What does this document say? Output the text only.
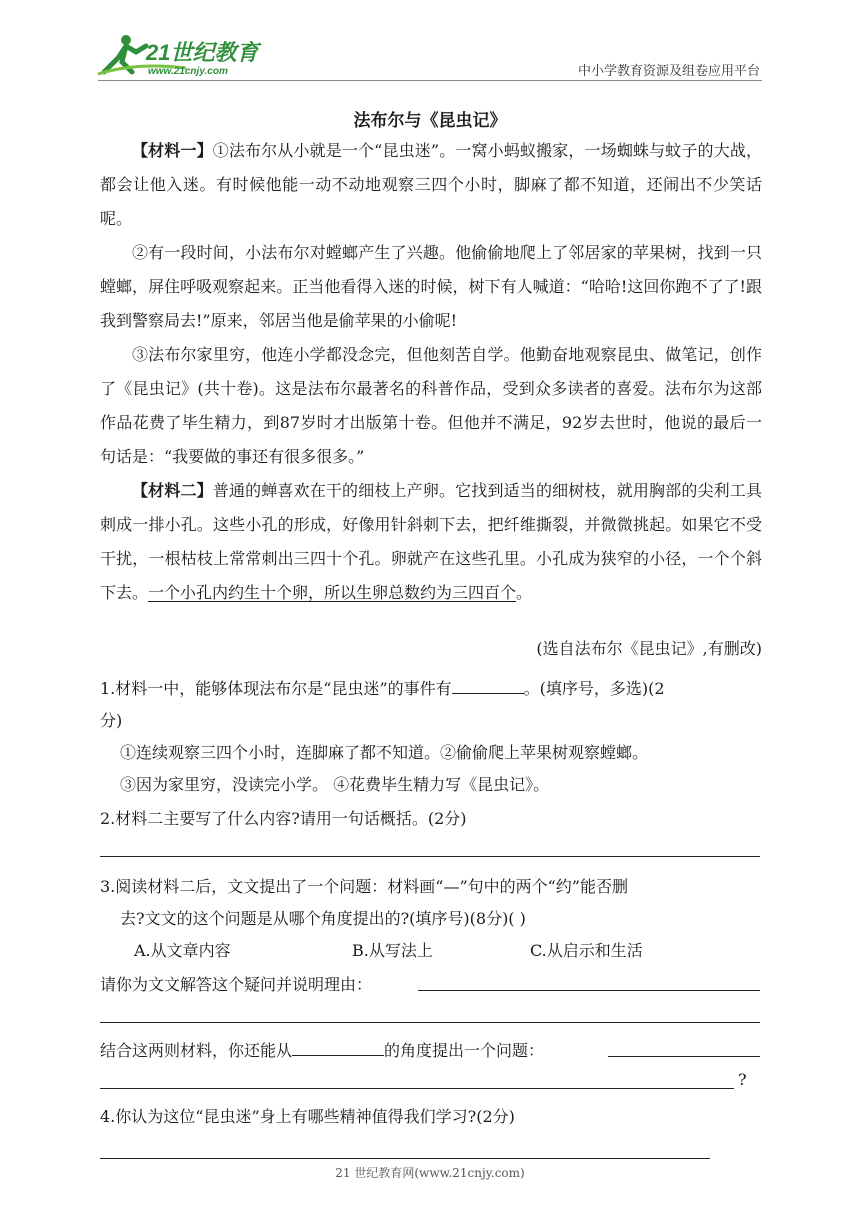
21世纪教育
www.21cnjy.com	中小学教育资源及组卷应用平台
法布尔与《昆虫记》
【材料一】①法布尔从小就是一个“昆虫迷”。一窝小蚂蚁搬家，一场蜘蛛与蚊子的大战，都会让他入迷。有时候他能一动不动地观察三四个小时，脚麻了都不知道，还闹出不少笑话呢。
②有一段时间，小法布尔对螳螂产生了兴趣。他偷偷地爬上了邻居家的苹果树，找到一只螳螂，屏住呼吸观察起来。正当他看得入迷的时候，树下有人喊道：“哈哈!这回你跑不了了!跟我到警察局去!”原来，邻居当他是偷苹果的小偷呢!
③法布尔家里穷，他连小学都没念完，但他刻苦自学。他勤奋地观察昆虫、做笔记，创作了《昆虫记》(共十卷)。这是法布尔最著名的科普作品，受到众多读者的喜爱。法布尔为这部作品花费了毕生精力，到87岁时才出版第十卷。但他并不满足，92岁去世时，他说的最后一句话是：“我要做的事还有很多很多。”
【材料二】普通的蝉喜欢在干的细枝上产卵。它找到适当的细树枝，就用胸部的尖利工具刺成一排小孔。这些小孔的形成，好像用针斜刺下去，把纤维撕裂，并微微挑起。如果它不受干扰，一根枯枝上常常刺出三四十个孔。卵就产在这些孔里。小孔成为狭窄的小径，一个个斜下去。一个小孔内约生十个卵，所以生卵总数约为三四百个。
(选自法布尔《昆虫记》,有删改)
1.材料一中，能够体现法布尔是“昆虫迷”的事件有	。(填序号，多选)(2
分)
①连续观察三四个小时，连脚麻了都不知道。②偷偷爬上苹果树观察螳螂。
③因为家里穷，没读完小学。 ④花费毕生精力写《昆虫记》。
2.材料二主要写了什么内容?请用一句话概括。(2分)
3.阅读材料二后，文文提出了一个问题：材料画“—”句中的两个“约”能否删
去?文文的这个问题是从哪个角度提出的?(填序号)(8分)( )
A.从文章内容	B.从写法上	C.从启示和生活
请你为文文解答这个疑问并说明理由：
结合这两则材料，你还能从	的角度提出一个问题：
?
4.你认为这位“昆虫迷”身上有哪些精神值得我们学习?(2分)
21 世纪教育网(www.21cnjy.com)
